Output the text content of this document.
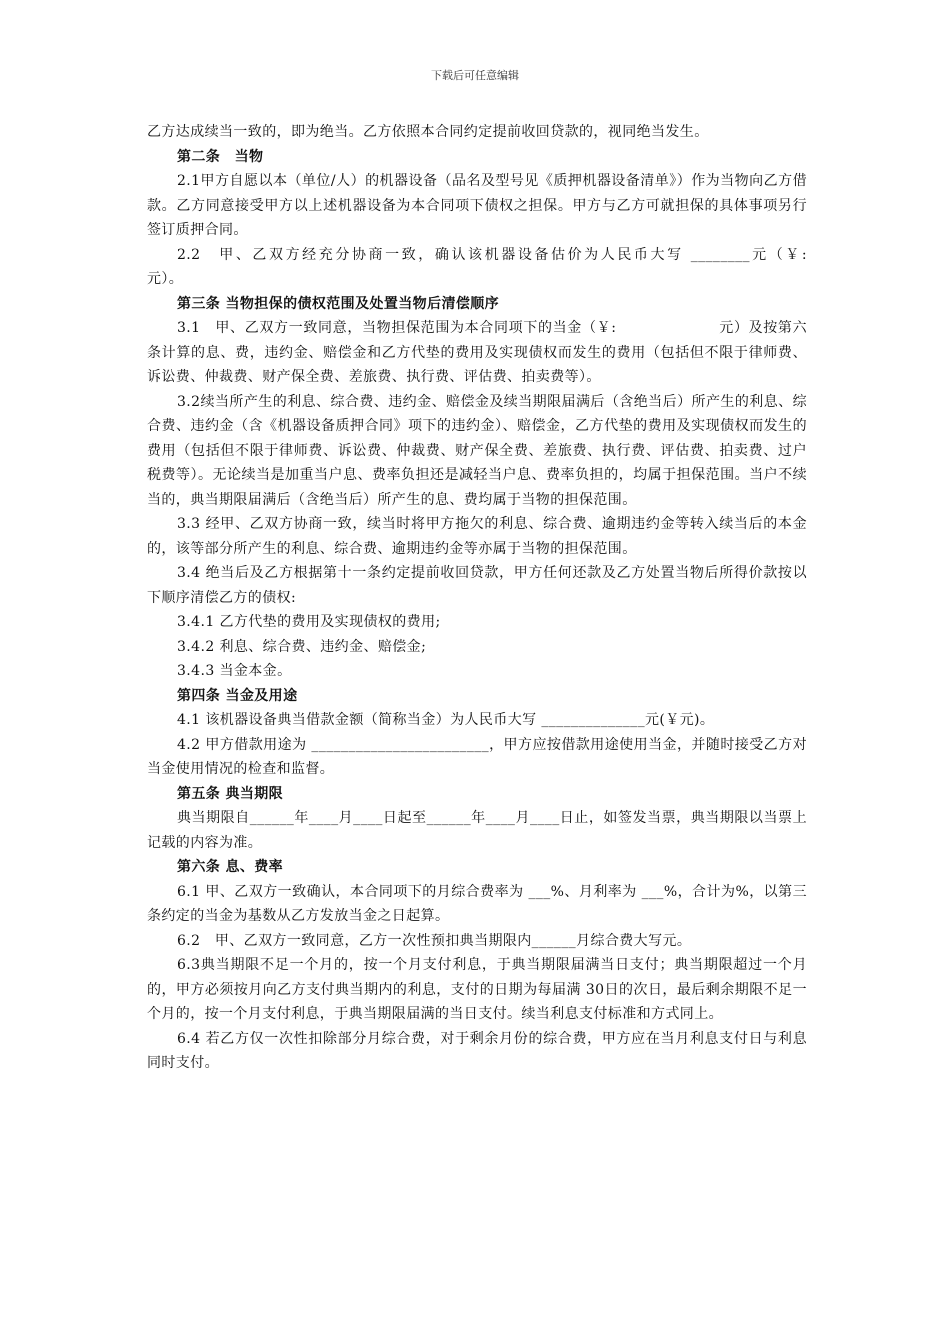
下载后可任意编辑
乙方达成续当一致的，即为绝当。乙方依照本合同约定提前收回贷款的，视同绝当发生。
第二条　当物
2.1甲方自愿以本（单位/人）的机器设备（品名及型号见《质押机器设备清单》）作为当物向乙方借款。乙方同意接受甲方以上述机器设备为本合同项下债权之担保。甲方与乙方可就担保的具体事项另行签订质押合同。
2.2　甲、乙双方经充分协商一致，确认该机器设备估价为人民币大写 ________元（￥:　　　　　元）。
第三条 当物担保的债权范围及处置当物后清偿顺序
3.1　甲、乙双方一致同意，当物担保范围为本合同项下的当金（￥:　　　　　　　元）及按第六条计算的息、费，违约金、赔偿金和乙方代垫的费用及实现债权而发生的费用（包括但不限于律师费、诉讼费、仲裁费、财产保全费、差旅费、执行费、评估费、拍卖费等）。
3.2续当所产生的利息、综合费、违约金、赔偿金及续当期限届满后（含绝当后）所产生的利息、综合费、违约金（含《机器设备质押合同》项下的违约金）、赔偿金，乙方代垫的费用及实现债权而发生的费用（包括但不限于律师费、诉讼费、仲裁费、财产保全费、差旅费、执行费、评估费、拍卖费、过户税费等）。无论续当是加重当户息、费率负担还是减轻当户息、费率负担的，均属于担保范围。当户不续当的，典当期限届满后（含绝当后）所产生的息、费均属于当物的担保范围。
3.3 经甲、乙双方协商一致，续当时将甲方拖欠的利息、综合费、逾期违约金等转入续当后的本金的，该等部分所产生的利息、综合费、逾期违约金等亦属于当物的担保范围。
3.4 绝当后及乙方根据第十一条约定提前收回贷款，甲方任何还款及乙方处置当物后所得价款按以下顺序清偿乙方的债权:
3.4.1 乙方代垫的费用及实现债权的费用;
3.4.2 利息、综合费、违约金、赔偿金;
3.4.3 当金本金。
第四条 当金及用途
4.1 该机器设备典当借款金额（简称当金）为人民币大写 ______________元(￥元)。
4.2 甲方借款用途为 ________________________，甲方应按借款用途使用当金，并随时接受乙方对当金使用情况的检查和监督。
第五条 典当期限
典当期限自______年____月____日起至______年____月____日止，如签发当票，典当期限以当票上记载的内容为准。
第六条 息、费率
6.1 甲、乙双方一致确认，本合同项下的月综合费率为 ___%、月利率为 ___%，合计为%，以第三条约定的当金为基数从乙方发放当金之日起算。
6.2　甲、乙双方一致同意，乙方一次性预扣典当期限内______月综合费大写元。
6.3典当期限不足一个月的，按一个月支付利息，于典当期限届满当日支付；典当期限超过一个月的，甲方必须按月向乙方支付典当期内的利息，支付的日期为每届满 30日的次日，最后剩余期限不足一个月的，按一个月支付利息，于典当期限届满的当日支付。续当利息支付标准和方式同上。
6.4 若乙方仅一次性扣除部分月综合费，对于剩余月份的综合费，甲方应在当月利息支付日与利息同时支付。
